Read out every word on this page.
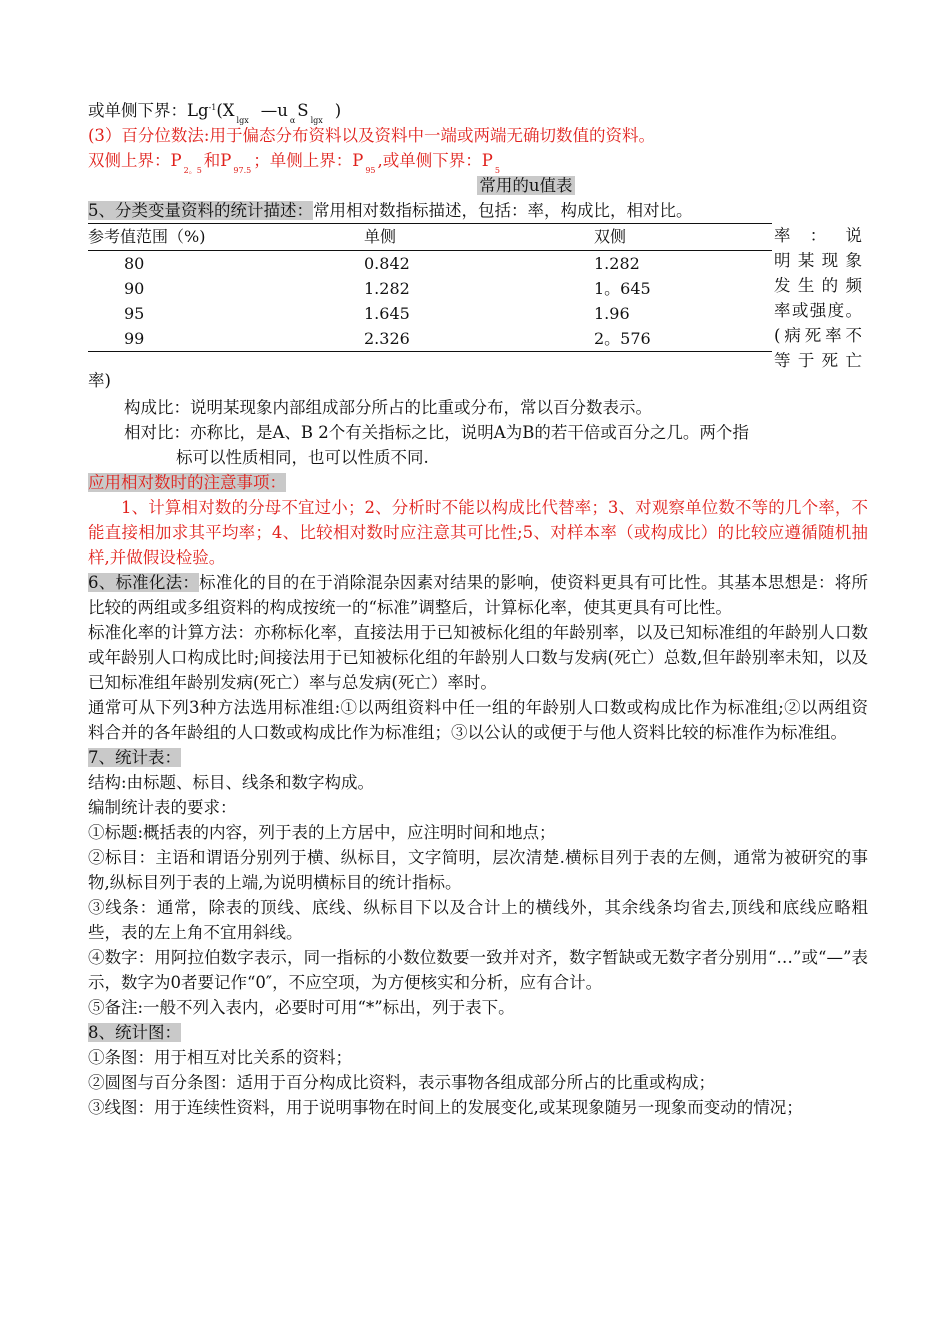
或单侧下界：$Lg^{-1}(X_{lgx}—u_\alpha S_{lgx})$
(3）百分位数法:用于偏态分布资料以及资料中一端或两端无确切数值的资料。
双侧上界：$P_{2。5}$和$P_{97.5}$；单侧上界：$P_{95}$,或单侧下界：$P_5$
常用的u值表
5、分类变量资料的统计描述：常用相对数指标描述，包括：率，构成比，相对比。
参考值范围（%)	单侧	双侧
80	0.842	1.282
90	1.282	1。645
95	1.645	1.96
99	2.326	2。576
率：说
明某现象
发生的频
率或强度。
(病死率不
等于死亡
率)
构成比：说明某现象内部组成部分所占的比重或分布，常以百分数表示。
相对比：亦称比，是A、B 2个有关指标之比，说明A为B的若干倍或百分之几。两个指
标可以性质相同，也可以性质不同.
应用相对数时的注意事项：
1、计算相对数的分母不宜过小；2、分析时不能以构成比代替率；3、对观察单位数不等的几个率，不能直接相加求其平均率；4、比较相对数时应注意其可比性;5、对样本率（或构成比）的比较应遵循随机抽样,并做假设检验。
6、标准化法：标准化的目的在于消除混杂因素对结果的影响，使资料更具有可比性。其基本思想是：将所比较的两组或多组资料的构成按统一的“标准”调整后，计算标化率，使其更具有可比性。
标准化率的计算方法：亦称标化率，直接法用于已知被标化组的年龄别率，以及已知标准组的年龄别人口数或年龄别人口构成比时;间接法用于已知被标化组的年龄别人口数与发病(死亡）总数,但年龄别率未知，以及已知标准组年龄别发病(死亡）率与总发病(死亡）率时。
通常可从下列3种方法选用标准组:①以两组资料中任一组的年龄别人口数或构成比作为标准组;②以两组资料合并的各年龄组的人口数或构成比作为标准组；③以公认的或便于与他人资料比较的标准作为标准组。
7、统计表：
结构:由标题、标目、线条和数字构成。
编制统计表的要求：
①标题:概括表的内容，列于表的上方居中，应注明时间和地点；
②标目：主语和谓语分别列于横、纵标目，文字简明，层次清楚.横标目列于表的左侧，通常为被研究的事物,纵标目列于表的上端,为说明横标目的统计指标。
③线条：通常，除表的顶线、底线、纵标目下以及合计上的横线外，其余线条均省去,顶线和底线应略粗些，表的左上角不宜用斜线。
④数字：用阿拉伯数字表示，同一指标的小数位数要一致并对齐，数字暂缺或无数字者分别用“…”或“—”表示，数字为0者要记作“0″，不应空项，为方便核实和分析，应有合计。
⑤备注:一般不列入表内，必要时可用“*”标出，列于表下。
8、统计图：
①条图：用于相互对比关系的资料；
②圆图与百分条图：适用于百分构成比资料，表示事物各组成部分所占的比重或构成；
③线图：用于连续性资料，用于说明事物在时间上的发展变化,或某现象随另一现象而变动的情况；
